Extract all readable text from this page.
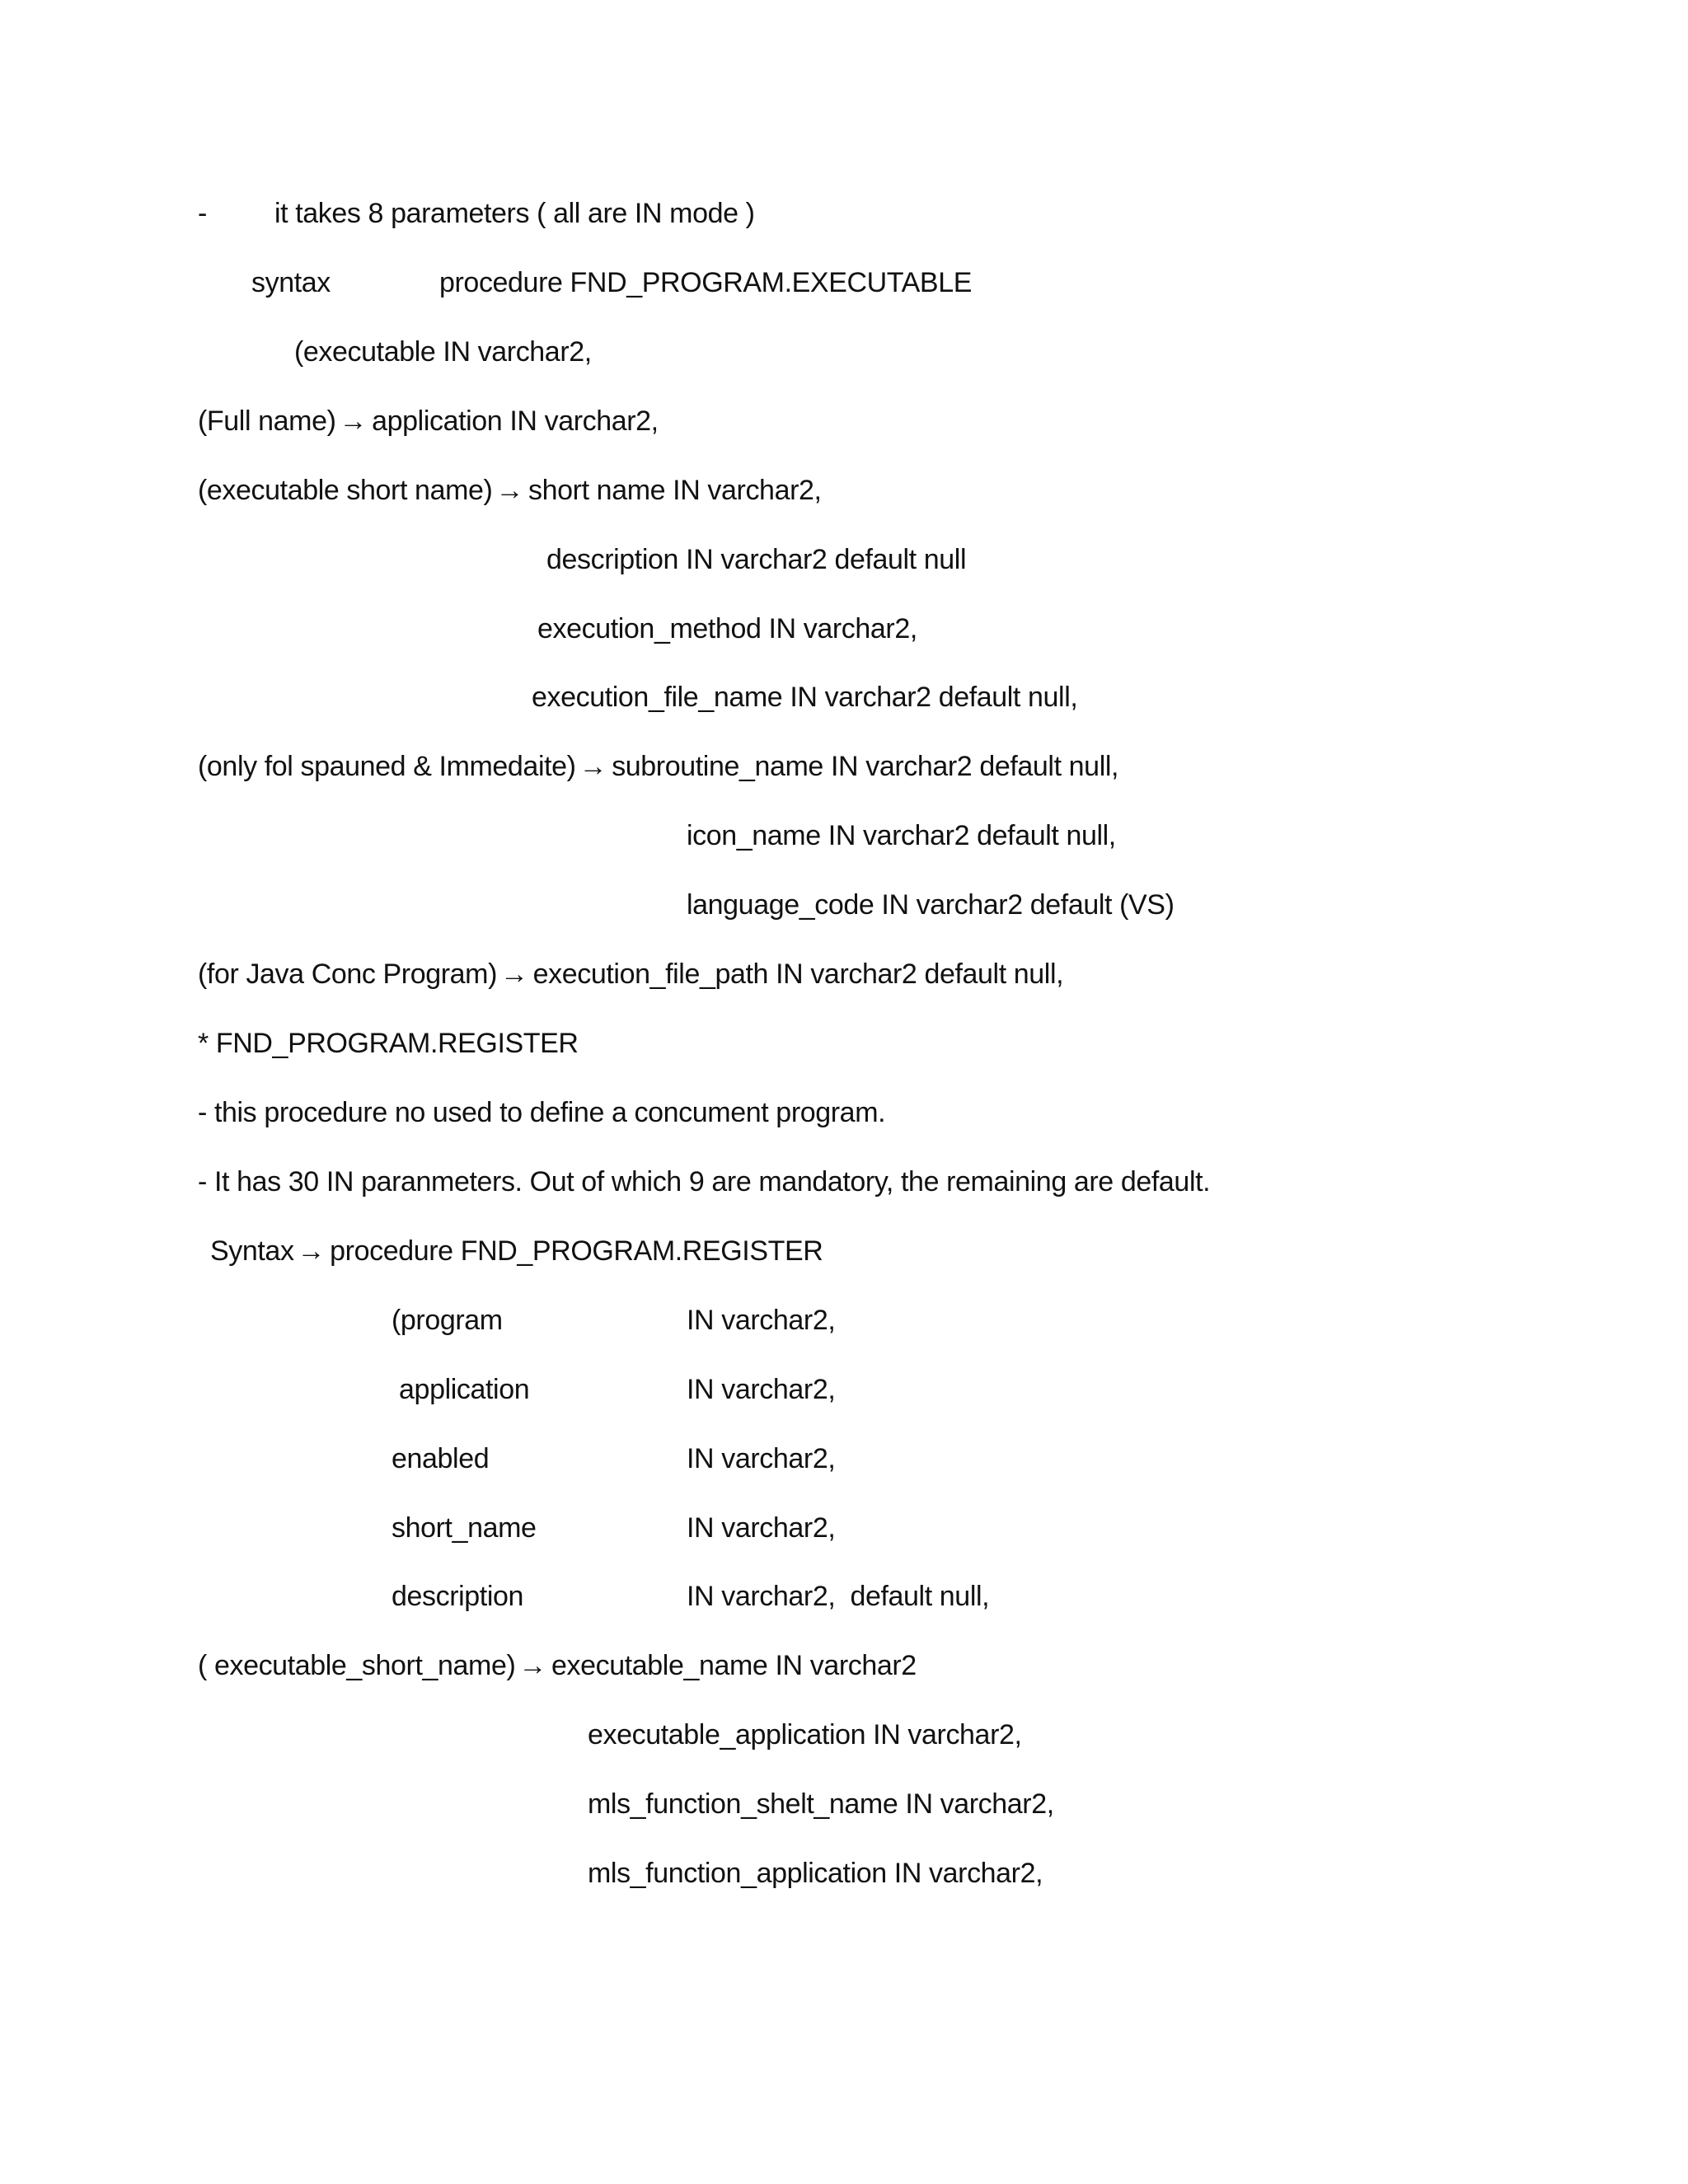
- it takes 8 parameters ( all are IN mode )
syntax	procedure FND_PROGRAM.EXECUTABLE
(executable IN varchar2,
(Full name) → application IN varchar2,
(executable short name) → short name IN varchar2,
description IN varchar2 default null
execution_method IN varchar2,
execution_file_name IN varchar2 default null,
(only fol spauned & Immedaite) → subroutine_name IN varchar2 default null,
icon_name IN varchar2 default null,
language_code IN varchar2 default (VS)
(for Java Conc Program) → execution_file_path IN varchar2 default null,
* FND_PROGRAM.REGISTER
- this procedure no used to define a concument program.
- It has 30 IN paranmeters. Out of which 9 are mandatory, the remaining are default.
Syntax → procedure FND_PROGRAM.REGISTER
(program	IN varchar2,
application	IN varchar2,
enabled	IN varchar2,
short_name	IN varchar2,
description	IN varchar2,  default null,
( executable_short_name) → executable_name IN varchar2
executable_application IN varchar2,
mls_function_shelt_name IN varchar2,
mls_function_application IN varchar2,
